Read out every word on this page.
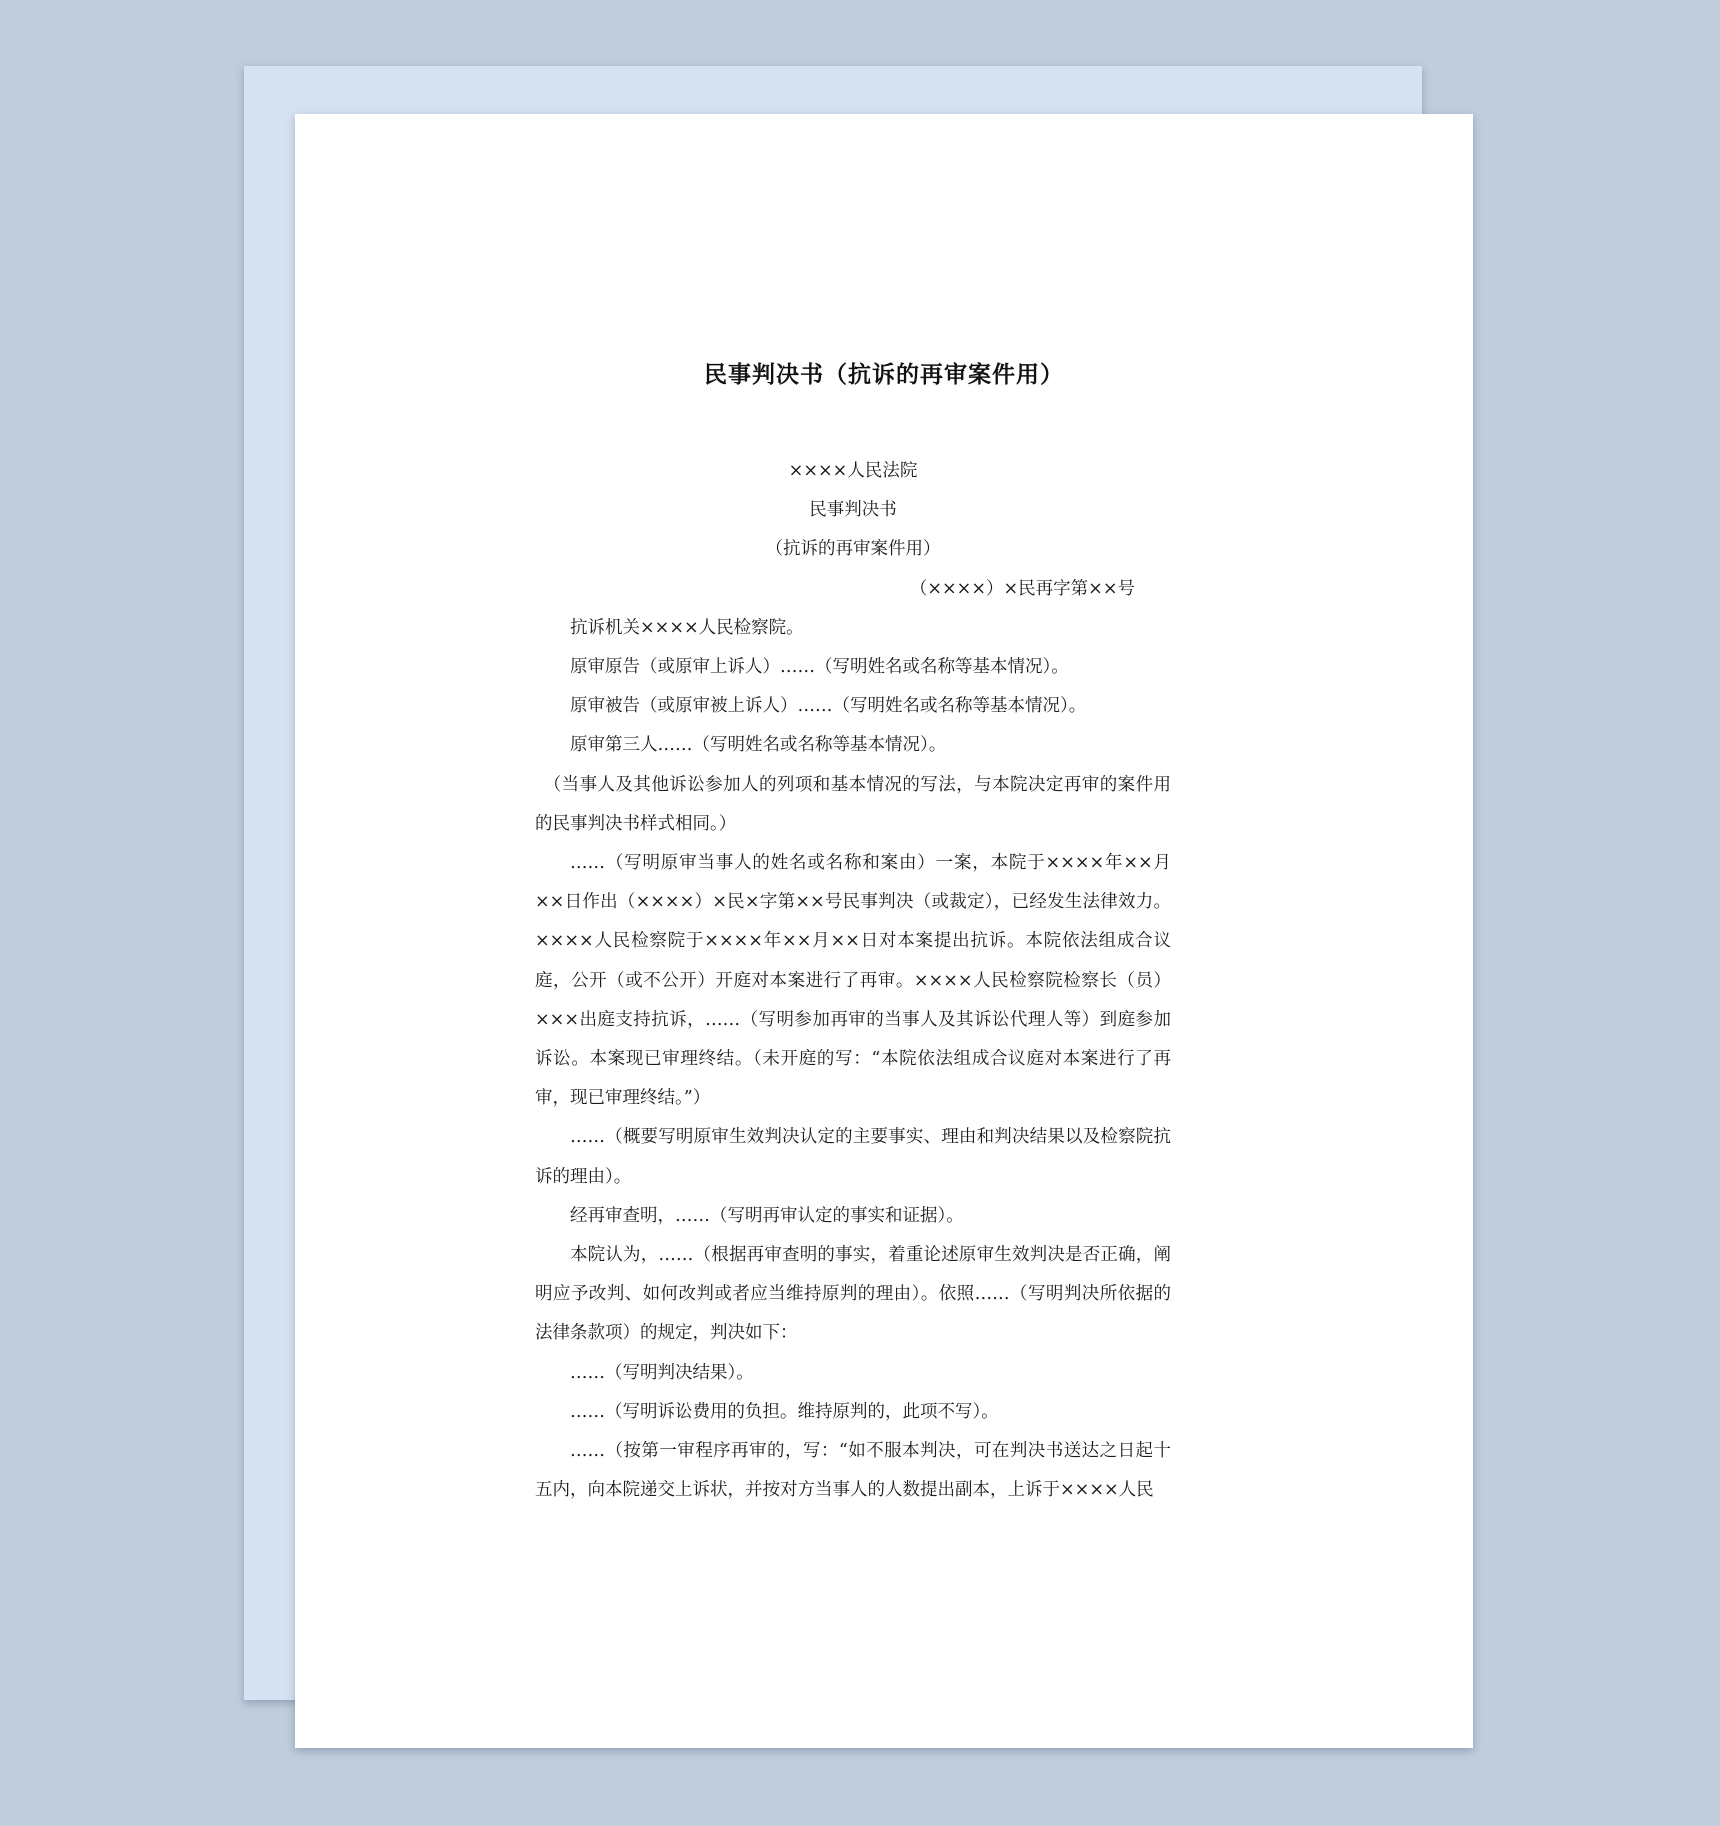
民事判决书（抗诉的再审案件用）

××××人民法院

民事判决书

（抗诉的再审案件用）

（××××）×民再字第××号

抗诉机关××××人民检察院。

原审原告（或原审上诉人）……（写明姓名或名称等基本情况）。

原审被告（或原审被上诉人）……（写明姓名或名称等基本情况）。

原审第三人……（写明姓名或名称等基本情况）。

（当事人及其他诉讼参加人的列项和基本情况的写法，与本院决定再审的案件用的民事判决书样式相同。）

……（写明原审当事人的姓名或名称和案由）一案，本院于××××年××月××日作出（××××）×民×字第××号民事判决（或裁定），已经发生法律效力。××××人民检察院于××××年××月××日对本案提出抗诉。本院依法组成合议庭，公开（或不公开）开庭对本案进行了再审。××××人民检察院检察长（员）×××出庭支持抗诉，……（写明参加再审的当事人及其诉讼代理人等）到庭参加诉讼。本案现已审理终结。（未开庭的写：“本院依法组成合议庭对本案进行了再审，现已审理终结。”）

……（概要写明原审生效判决认定的主要事实、理由和判决结果以及检察院抗诉的理由）。

经再审查明，……（写明再审认定的事实和证据）。

本院认为，……（根据再审查明的事实，着重论述原审生效判决是否正确，阐明应予改判、如何改判或者应当维持原判的理由）。依照……（写明判决所依据的法律条款项）的规定，判决如下：

……（写明判决结果）。

……（写明诉讼费用的负担。维持原判的，此项不写）。

……（按第一审程序再审的，写：“如不服本判决，可在判决书送达之日起十五内，向本院递交上诉状，并按对方当事人的人数提出副本，上诉于××××人民
